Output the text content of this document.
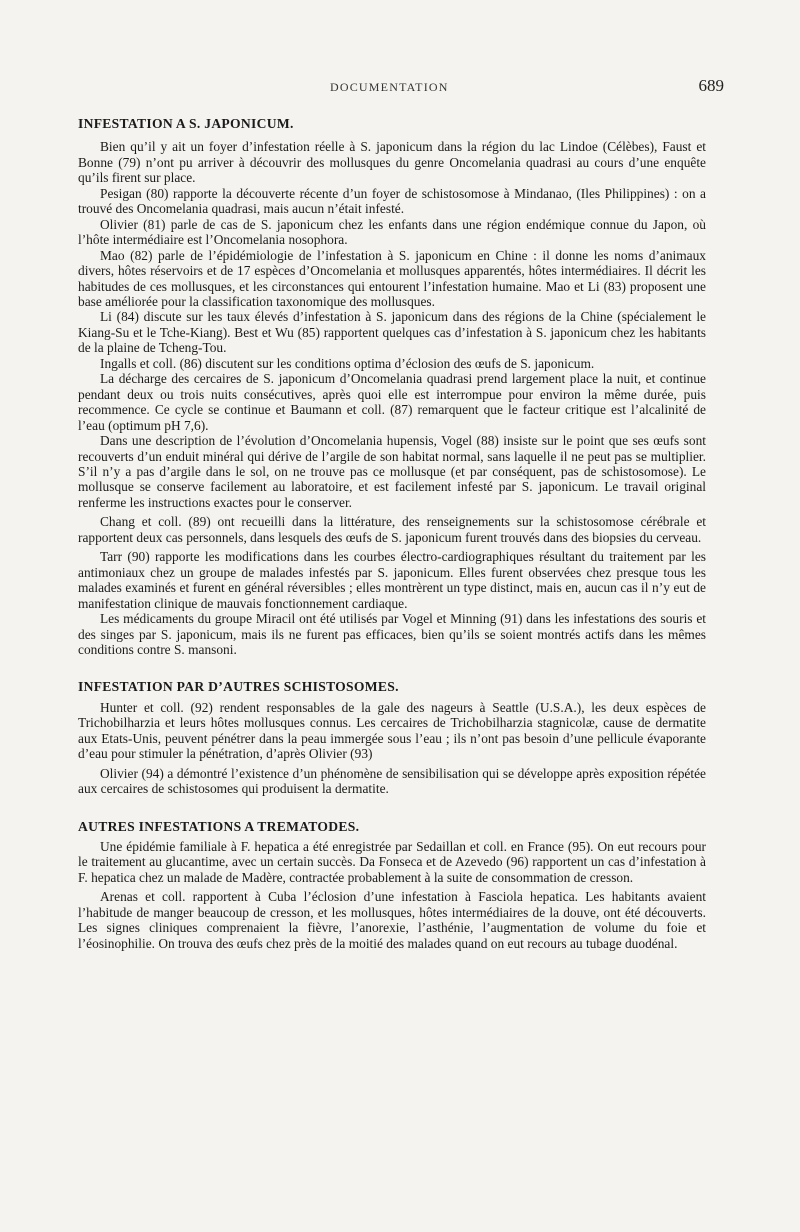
DOCUMENTATION	689
INFESTATION A S. JAPONICUM.

Bien qu’il y ait un foyer d’infestation réelle à S. japonicum dans la région du lac Lindoe (Célèbes), Faust et Bonne (79) n’ont pu arriver à découvrir des mollusques du genre Oncomelania quadrasi au cours d’une enquête qu’ils firent sur place.

Pesigan (80) rapporte la découverte récente d’un foyer de schistosomose à Mindanao, (Iles Philippines) : on a trouvé des Oncomelania quadrasi, mais aucun n’était infesté.

Olivier (81) parle de cas de S. japonicum chez les enfants dans une région endémique connue du Japon, où l’hôte intermédiaire est l’Oncomelania nosophora.

Mao (82) parle de l’épidémiologie de l’infestation à S. japonicum en Chine : il donne les noms d’animaux divers, hôtes réservoirs et de 17 espèces d’Oncomelania et mollusques apparentés, hôtes intermédiaires. Il décrit les habitudes de ces mollusques, et les circonstances qui entourent l’infestation humaine. Mao et Li (83) proposent une base améliorée pour la classification taxonomique des mollusques.

Li (84) discute sur les taux élevés d’infestation à S. japonicum dans des régions de la Chine (spécialement le Kiang-Su et le Tche-Kiang). Best et Wu (85) rapportent quelques cas d’infestation à S. japonicum chez les habitants de la plaine de Tcheng-Tou.

Ingalls et coll. (86) discutent sur les conditions optima d’éclosion des œufs de S. japonicum.

La décharge des cercaires de S. japonicum d’Oncomelania quadrasi prend largement place la nuit, et continue pendant deux ou trois nuits consécutives, après quoi elle est interrompue pour environ la même durée, puis recommence. Ce cycle se continue et Baumann et coll. (87) remarquent que le facteur critique est l’alcalinité de l’eau (optimum pH 7,6).

Dans une description de l’évolution d’Oncomelania hupensis, Vogel (88) insiste sur le point que ses œufs sont recouverts d’un enduit minéral qui dérive de l’argile de son habitat normal, sans laquelle il ne peut pas se multiplier. S’il n’y a pas d’argile dans le sol, on ne trouve pas ce mollusque (et par conséquent, pas de schistosomose). Le mollusque se conserve facilement au laboratoire, et est facilement infesté par S. japonicum. Le travail original renferme les instructions exactes pour le conserver.

Chang et coll. (89) ont recueilli dans la littérature, des renseignements sur la schistosomose cérébrale et rapportent deux cas personnels, dans lesquels des œufs de S. japonicum furent trouvés dans des biopsies du cerveau.

Tarr (90) rapporte les modifications dans les courbes électro-cardiographiques résultant du traitement par les antimoniaux chez un groupe de malades infestés par S. japonicum. Elles furent observées chez presque tous les malades examinés et furent en général réversibles ; elles montrèrent un type distinct, mais en, aucun cas il n’y eut de manifestation clinique de mauvais fonctionnement cardiaque.

Les médicaments du groupe Miracil ont été utilisés par Vogel et Minning (91) dans les infestations des souris et des singes par S. japonicum, mais ils ne furent pas efficaces, bien qu’ils se soient montrés actifs dans les mêmes conditions contre S. mansoni.

INFESTATION PAR D’AUTRES SCHISTOSOMES.

Hunter et coll. (92) rendent responsables de la gale des nageurs à Seattle (U.S.A.), les deux espèces de Trichobilharzia et leurs hôtes mollusques connus. Les cercaires de Trichobilharzia stagnicolæ, cause de dermatite aux Etats-Unis, peuvent pénétrer dans la peau immergée sous l’eau ; ils n’ont pas besoin d’une pellicule évaporante d’eau pour stimuler la pénétration, d’après Olivier (93)

Olivier (94) a démontré l’existence d’un phénomène de sensibilisation qui se développe après exposition répétée aux cercaires de schistosomes qui produisent la dermatite.

AUTRES INFESTATIONS A TREMATODES.

Une épidémie familiale à F. hepatica a été enregistrée par Sedaillan et coll. en France (95). On eut recours pour le traitement au glucantime, avec un certain succès. Da Fonseca et de Azevedo (96) rapportent un cas d’infestation à F. hepatica chez un malade de Madère, contractée probablement à la suite de consommation de cresson.

Arenas et coll. rapportent à Cuba l’éclosion d’une infestation à Fasciola hepatica. Les habitants avaient l’habitude de manger beaucoup de cresson, et les mollusques, hôtes intermédiaires de la douve, ont été découverts. Les signes cliniques comprenaient la fièvre, l’anorexie, l’asthénie, l’augmentation de volume du foie et l’éosinophilie. On trouva des œufs chez près de la moitié des malades quand on eut recours au tubage duodénal.
